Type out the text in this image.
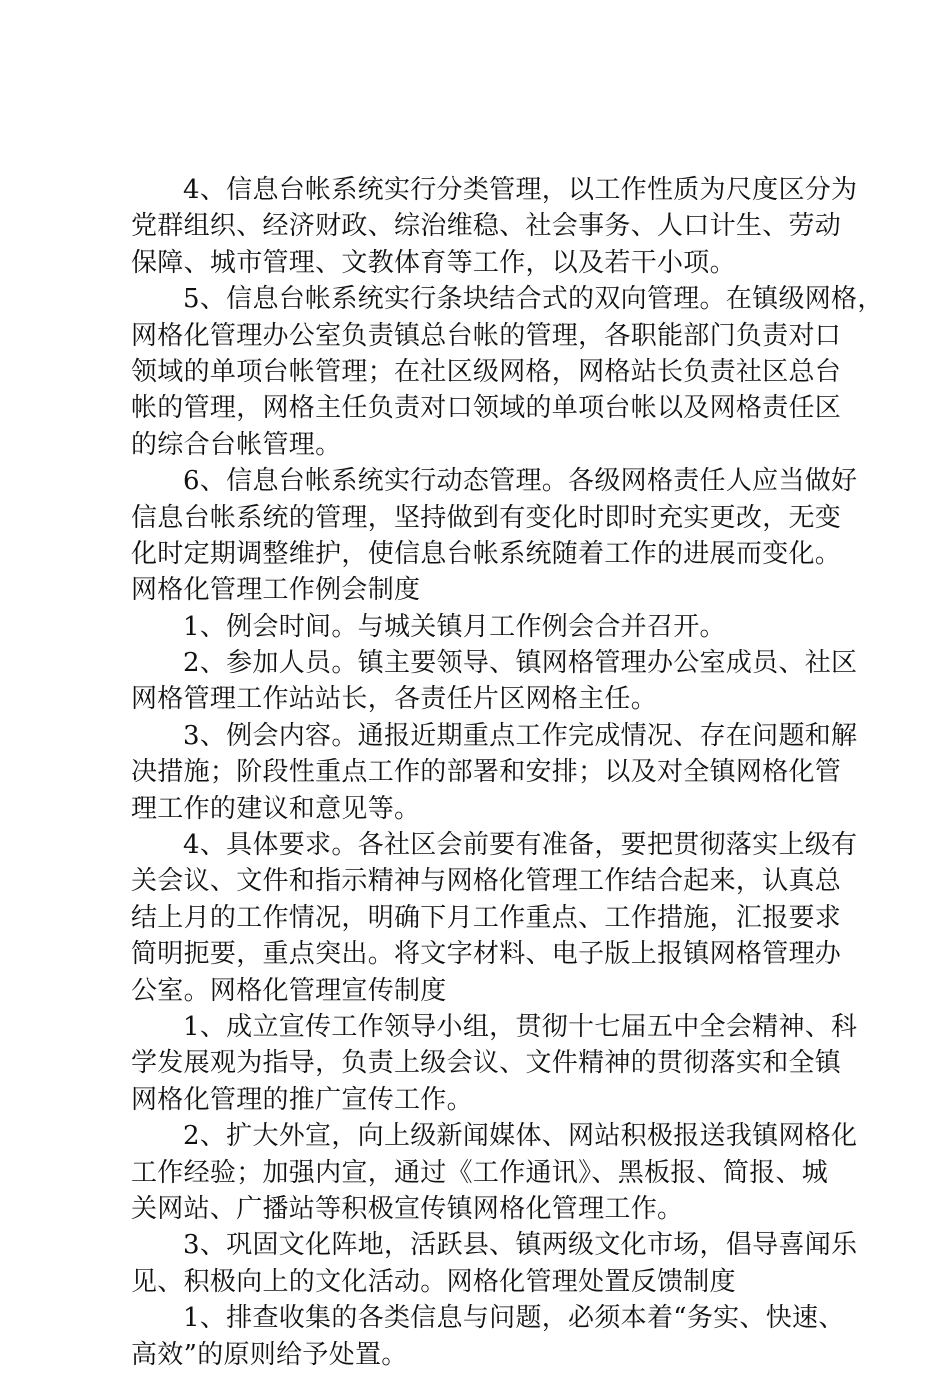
4、信息台帐系统实行分类管理，以工作性质为尺度区分为
党群组织、经济财政、综治维稳、社会事务、人口计生、劳动
保障、城市管理、文教体育等工作，以及若干小项。
5、信息台帐系统实行条块结合式的双向管理。在镇级网格，
网格化管理办公室负责镇总台帐的管理，各职能部门负责对口
领域的单项台帐管理；在社区级网格，网格站长负责社区总台
帐的管理，网格主任负责对口领域的单项台帐以及网格责任区
的综合台帐管理。
6、信息台帐系统实行动态管理。各级网格责任人应当做好
信息台帐系统的管理，坚持做到有变化时即时充实更改，无变
化时定期调整维护，使信息台帐系统随着工作的进展而变化。
网格化管理工作例会制度
1、例会时间。与城关镇月工作例会合并召开。
2、参加人员。镇主要领导、镇网格管理办公室成员、社区
网格管理工作站站长，各责任片区网格主任。
3、例会内容。通报近期重点工作完成情况、存在问题和解
决措施；阶段性重点工作的部署和安排；以及对全镇网格化管
理工作的建议和意见等。
4、具体要求。各社区会前要有准备，要把贯彻落实上级有
关会议、文件和指示精神与网格化管理工作结合起来，认真总
结上月的工作情况，明确下月工作重点、工作措施，汇报要求
简明扼要，重点突出。将文字材料、电子版上报镇网格管理办
公室。网格化管理宣传制度
1、成立宣传工作领导小组，贯彻十七届五中全会精神、科
学发展观为指导，负责上级会议、文件精神的贯彻落实和全镇
网格化管理的推广宣传工作。
2、扩大外宣，向上级新闻媒体、网站积极报送我镇网格化
工作经验；加强内宣，通过《工作通讯》、黑板报、简报、城
关网站、广播站等积极宣传镇网格化管理工作。
3、巩固文化阵地，活跃县、镇两级文化市场，倡导喜闻乐
见、积极向上的文化活动。网格化管理处置反馈制度
1、排查收集的各类信息与问题，必须本着“务实、快速、
高效”的原则给予处置。
